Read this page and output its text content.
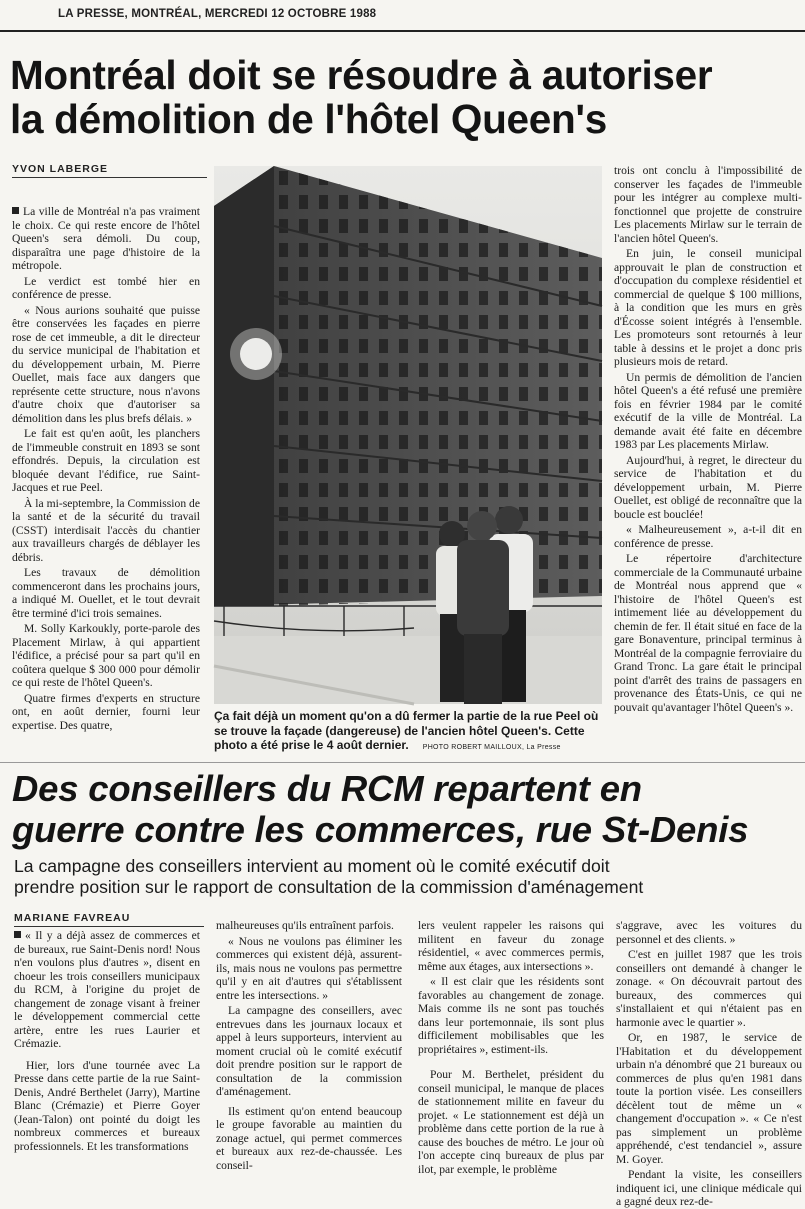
LA PRESSE, MONTRÉAL, MERCREDI 12 OCTOBRE 1988
Montréal doit se résoudre à autoriser
la démolition de l'hôtel Queen's
YVON LABERGE

La ville de Montréal n'a pas vraiment le choix. Ce qui reste encore de l'hôtel Queen's sera démoli. Du coup, disparaîtra une page d'histoire de la métropole.

Le verdict est tombé hier en conférence de presse.

« Nous aurions souhaité que puisse être conservées les façades en pierre rose de cet immeuble, a dit le directeur du service municipal de l'habitation et du développement urbain, M. Pierre Ouellet, mais face aux dangers que représente cette structure, nous n'avons d'autre choix que d'autoriser sa démolition dans les plus brefs délais. »

Le fait est qu'en août, les planchers de l'immeuble construit en 1893 se sont effondrés. Depuis, la circulation est bloquée devant l'édifice, rue Saint-Jacques et rue Peel.

À la mi-septembre, la Commission de la santé et de la sécurité du travail (CSST) interdisait l'accès du chantier aux travailleurs chargés de déblayer les débris.

Les travaux de démolition commenceront dans les prochains jours, a indiqué M. Ouellet, et le tout devrait être terminé d'ici trois semaines.

M. Solly Karkoukly, porte-parole des Placement Mirlaw, à qui appartient l'édifice, a précisé pour sa part qu'il en coûtera quelque $ 300 000 pour démolir ce qui reste de l'hôtel Queen's.

Quatre firmes d'experts en structure ont, en août dernier, fourni leur expertise. Des quatre,

Ça fait déjà un moment qu'on a dû fermer la partie de la rue Peel où se trouve la façade (dangereuse) de l'ancien hôtel Queen's. Cette photo a été prise le 4 août dernier. PHOTO ROBERT MAILLOUX, La Presse

trois ont conclu à l'impossibilité de conserver les façades de l'immeuble pour les intégrer au complexe multi-fonctionnel que projette de construire Les placements Mirlaw sur le terrain de l'ancien hôtel Queen's.

En juin, le conseil municipal approuvait le plan de construction et d'occupation du complexe résidentiel et commercial de quelque $ 100 millions, à la condition que les murs en grès d'Écosse soient intégrés à l'ensemble. Les promoteurs sont retournés à leur table à dessins et le projet a donc pris plusieurs mois de retard.

Un permis de démolition de l'ancien hôtel Queen's a été refusé une première fois en février 1984 par le comité exécutif de la ville de Montréal. La demande avait été faite en décembre 1983 par Les placements Mirlaw.

Aujourd'hui, à regret, le directeur du service de l'habitation et du développement urbain, M. Pierre Ouellet, est obligé de reconnaître que la boucle est bouclée!

« Malheureusement », a-t-il dit en conférence de presse.

Le répertoire d'architecture commerciale de la Communauté urbaine de Montréal nous apprend que « l'histoire de l'hôtel Queen's est intimement liée au développement du chemin de fer. Il était situé en face de la gare Bonaventure, principal terminus à Montréal de la compagnie ferroviaire du Grand Tronc. La gare était le principal point d'arrêt des trains de passagers en provenance des États-Unis, ce qui ne pouvait qu'avantager l'hôtel Queen's ».

Des conseillers du RCM repartent en
guerre contre les commerces, rue St-Denis
La campagne des conseillers intervient au moment où le comité exécutif doit
prendre position sur le rapport de consultation de la commission d'aménagement
MARIANE FAVREAU

« Il y a déjà assez de commerces et de bureaux, rue Saint-Denis nord! Nous n'en voulons plus d'autres », disent en choeur les trois conseillers municipaux du RCM, à l'origine du projet de changement de zonage visant à freiner le développement commercial cette artère, entre les rues Laurier et Crémazie.

Hier, lors d'une tournée avec La Presse dans cette partie de la rue Saint-Denis, André Berthelet (Jarry), Martine Blanc (Crémazie) et Pierre Goyer (Jean-Talon) ont pointé du doigt les nombreux commerces et bureaux professionnels. Et les transformations

malheureuses qu'ils entraînent parfois.

« Nous ne voulons pas éliminer les commerces qui existent déjà, assurent-ils, mais nous ne voulons pas permettre qu'il y en ait d'autres qui s'établissent entre les intersections. »

La campagne des conseillers, avec entrevues dans les journaux locaux et appel à leurs supporteurs, intervient au moment crucial où le comité exécutif doit prendre position sur le rapport de consultation de la commission d'aménagement.

Ils estiment qu'on entend beaucoup le groupe favorable au maintien du zonage actuel, qui permet commerces et bureaux aux rez-de-chaussée. Les conseil-

lers veulent rappeler les raisons qui militent en faveur du zonage résidentiel, « avec commerces permis, même aux étages, aux intersections ».

« Il est clair que les résidents sont favorables au changement de zonage. Mais comme ils ne sont pas touchés dans leur portemonnaie, ils sont plus difficilement mobilisables que les propriétaires », estiment-ils.

Pour M. Berthelet, président du conseil municipal, le manque de places de stationnement milite en faveur du projet. « Le stationnement est déjà un problème dans cette portion de la rue à cause des bouches de métro. Le jour où l'on accepte cinq bureaux de plus par ilot, par exemple, le problème

s'aggrave, avec les voitures du personnel et des clients. »

C'est en juillet 1987 que les trois conseillers ont demandé à changer le zonage. « On découvrait partout des bureaux, des commerces qui s'installaient et qui n'étaient pas en harmonie avec le quartier ».

Or, en 1987, le service de l'Habitation et du développement urbain n'a dénombré que 21 bureaux ou commerces de plus qu'en 1981 dans toute la portion visée. Les conseillers décèlent tout de même un « changement d'occupation ». « Ce n'est pas simplement un problème appréhendé, c'est tendanciel », assure M. Goyer.

Pendant la visite, les conseillers indiquent ici, une clinique médicale qui a gagné deux rez-de-
